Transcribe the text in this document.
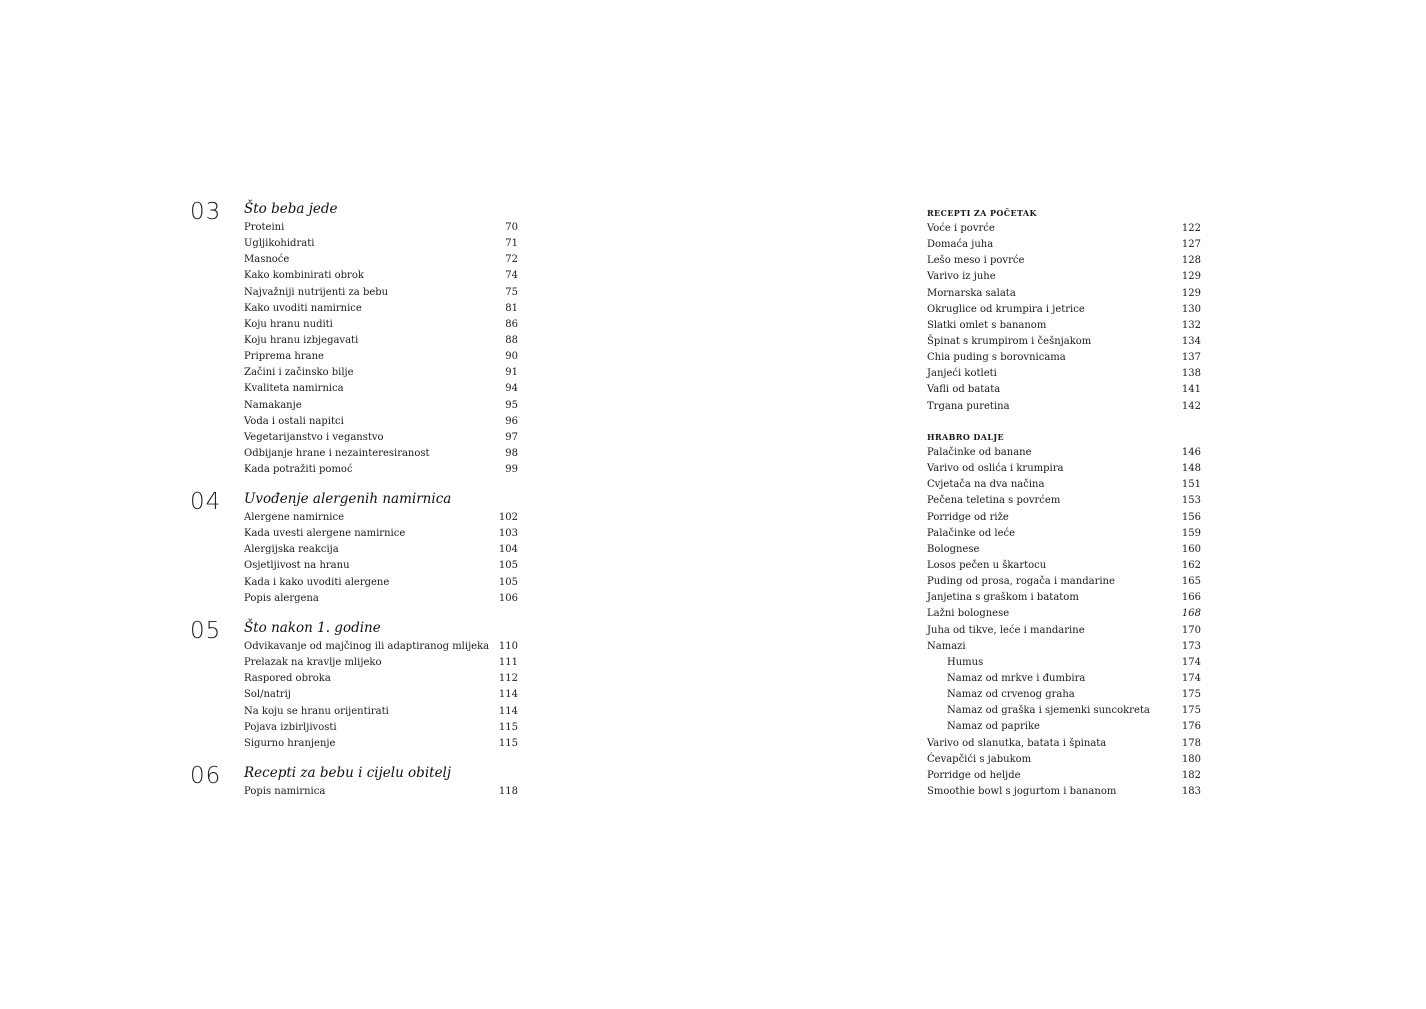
03 Što beba jede
Proteini	70
Ugljikohidrati	71
Masnoće	72
Kako kombinirati obrok	74
Najvažniji nutrijenti za bebu	75
Kako uvoditi namirnice	81
Koju hranu nuditi	86
Koju hranu izbjegavati	88
Priprema hrane	90
Začini i začinsko bilje	91
Kvaliteta namirnica	94
Namakanje	95
Voda i ostali napitci	96
Vegetarijanstvo i veganstvo	97
Odbijanje hrane i nezainteresiranost	98
Kada potražiti pomoć	99
04 Uvođenje alergenih namirnica
Alergene namirnice	102
Kada uvesti alergene namirnice	103
Alergijska reakcija	104
Osjetljivost na hranu	105
Kada i kako uvoditi alergene	105
Popis alergena	106
05 Što nakon 1. godine
Odvikavanje od majčinog ili adaptiranog mlijeka 110
Prelazak na kravlje mlijeko	111
Raspored obroka	112
Sol/natrij	114
Na koju se hranu orijentirati	114
Pojava izbirljivosti	115
Sigurno hranjenje	115
06 Recepti za bebu i cijelu obitelj
Popis namirnica	118
RECEPTI ZA POČETAK
Voće i povrće	122
Domaća juha	127
Lešo meso i povrće	128
Varivo iz juhe	129
Mornarska salata	129
Okruglice od krumpira i jetrice	130
Slatki omlet s bananom	132
Špinat s krumpirom i češnjakom	134
Chia puding s borovnicama	137
Janjeći kotleti	138
Vafli od batata	141
Trgana puretina	142
HRABRO DALJE
Palačinke od banane	146
Varivo od oslića i krumpira	148
Cvjetača na dva načina	151
Pečena teletina s povrćem	153
Porridge od riže	156
Palačinke od leće	159
Bolognese	160
Losos pečen u škartocu	162
Puding od prosa, rogača i mandarine	165
Janjetina s graškom i batatom	166
Lažni bolognese	168
Juha od tikve, leće i mandarine	170
Namazi	173
Humus	174
Namaz od mrkve i đumbira	174
Namaz od crvenog graha	175
Namaz od graška i sjemenki suncokreta	175
Namaz od paprike	176
Varivo od slanutka, batata i špinata	178
Ćevapčići s jabukom	180
Porridge od heljde	182
Smoothie bowl s jogurtom i bananom	183
